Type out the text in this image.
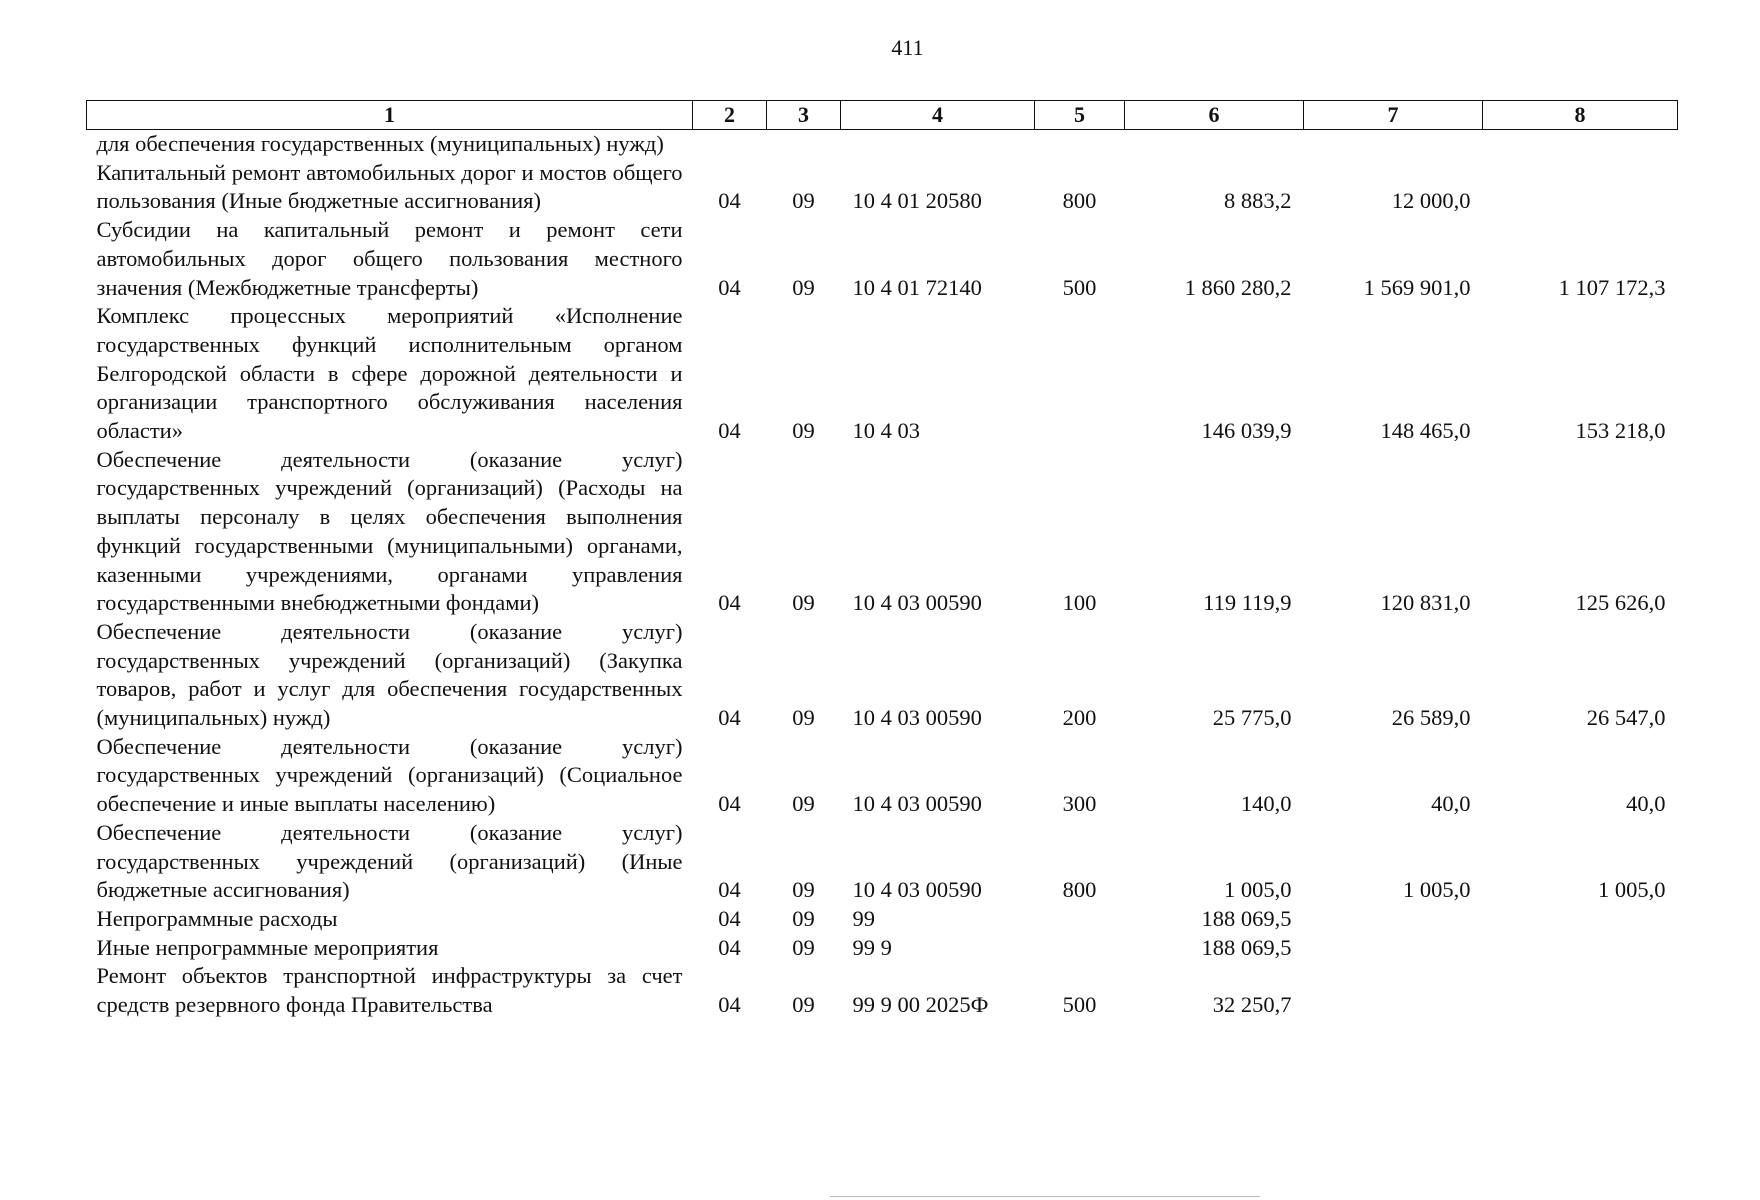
411
1	2	3	4	5	6	7	8
для обеспечения государственных (муниципальных) нужд)							
Капитальный ремонт автомобильных дорог и мостов общего пользования (Иные бюджетные ассигнования)	04	09	10 4 01 20580	800	8 883,2	12 000,0	
Субсидии на капитальный ремонт и ремонт сети автомобильных дорог общего пользования местного значения (Межбюджетные трансферты)	04	09	10 4 01 72140	500	1 860 280,2	1 569 901,0	1 107 172,3
Комплекс процессных мероприятий «Исполнение государственных функций исполнительным органом Белгородской области в сфере дорожной деятельности и организации транспортного обслуживания населения области»	04	09	10 4 03		146 039,9	148 465,0	153 218,0
Обеспечение деятельности (оказание услуг) государственных учреждений (организаций) (Расходы на выплаты персоналу в целях обеспечения выполнения функций государственными (муниципальными) органами, казенными учреждениями, органами управления государственными внебюджетными фондами)	04	09	10 4 03 00590	100	119 119,9	120 831,0	125 626,0
Обеспечение деятельности (оказание услуг) государственных учреждений (организаций) (Закупка товаров, работ и услуг для обеспечения государственных (муниципальных) нужд)	04	09	10 4 03 00590	200	25 775,0	26 589,0	26 547,0
Обеспечение деятельности (оказание услуг) государственных учреждений (организаций) (Социальное обеспечение и иные выплаты населению)	04	09	10 4 03 00590	300	140,0	40,0	40,0
Обеспечение деятельности (оказание услуг) государственных учреждений (организаций) (Иные бюджетные ассигнования)	04	09	10 4 03 00590	800	1 005,0	1 005,0	1 005,0
Непрограммные расходы	04	09	99		188 069,5		
Иные непрограммные мероприятия	04	09	99 9		188 069,5		
Ремонт объектов транспортной инфраструктуры за счет средств резервного фонда Правительства	04	09	99 9 00 2025Ф	500	32 250,7		
